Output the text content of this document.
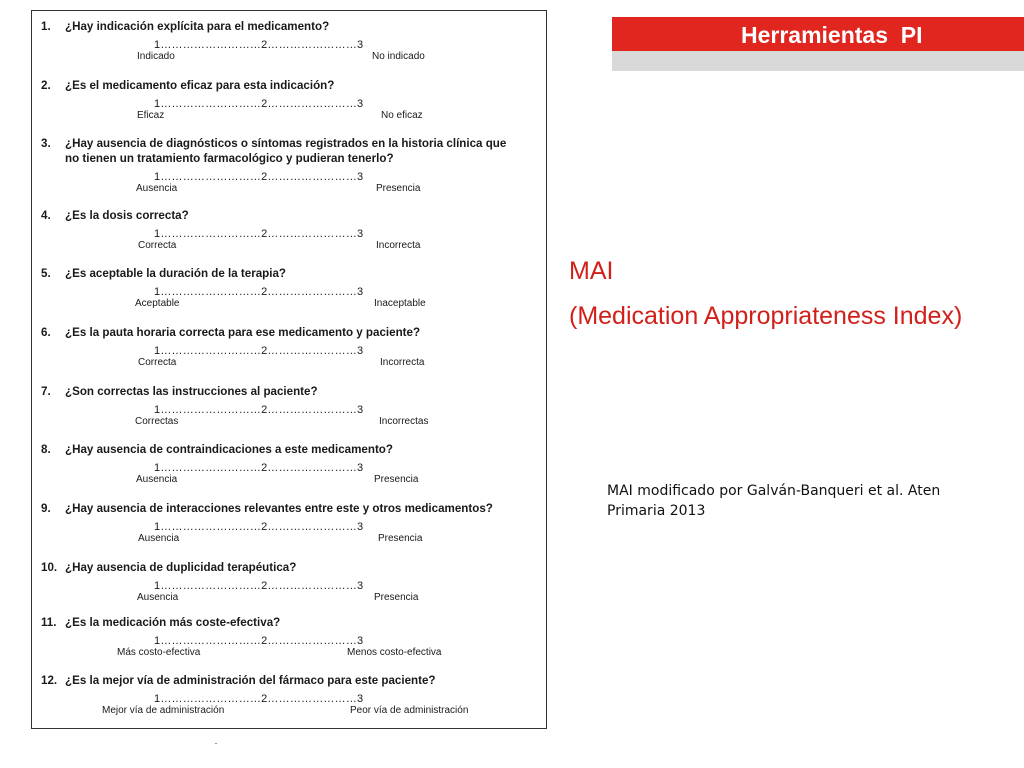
1. ¿Hay indicación explícita para el medicamento?
1………………………2……………………3
Indicado	No indicado
2. ¿Es el medicamento eficaz para esta indicación?
1………………………2……………………3
Eficaz	No eficaz
3. ¿Hay ausencia de diagnósticos o síntomas registrados en la historia clínica que
no tienen un tratamiento farmacológico y pudieran tenerlo?
1………………………2……………………3
Ausencia	Presencia
4. ¿Es la dosis correcta?
1………………………2……………………3
Correcta	Incorrecta
5. ¿Es aceptable la duración de la terapia?
1………………………2……………………3
Aceptable	Inaceptable
6. ¿Es la pauta horaria correcta para ese medicamento y paciente?
1………………………2……………………3
Correcta	Incorrecta
7. ¿Son correctas las instrucciones al paciente?
1………………………2……………………3
Correctas	Incorrectas
8. ¿Hay ausencia de contraindicaciones a este medicamento?
1………………………2……………………3
Ausencia	Presencia
9. ¿Hay ausencia de interacciones relevantes entre este y otros medicamentos?
1………………………2……………………3
Ausencia	Presencia
10. ¿Hay ausencia de duplicidad terapéutica?
1………………………2……………………3
Ausencia	Presencia
11. ¿Es la medicación más coste-efectiva?
1………………………2……………………3
Más costo-efectiva	Menos costo-efectiva
12. ¿Es la mejor vía de administración del fármaco para este paciente?
1………………………2……………………3
Mejor vía de administración	Peor vía de administración
Herramientas  PI
MAI
(Medication Appropriateness Index)
MAI modificado por Galván-Banqueri et al. Aten Primaria 2013
